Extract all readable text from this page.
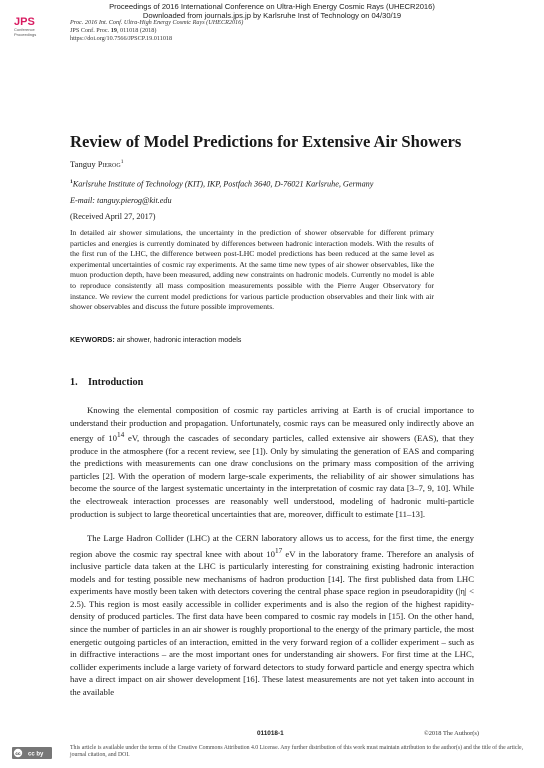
Proceedings of 2016 International Conference on Ultra-High Energy Cosmic Rays (UHECR2016)
Downloaded from journals.jps.jp by Karlsruhe Inst of Technology on 04/30/19
JPS
Conference
Proceedings
Proc. 2016 Int. Conf. Ultra-High Energy Cosmic Rays (UHECR2016)
JPS Conf. Proc. 19, 011018 (2018)
https://doi.org/10.7566/JPSCP.19.011018
Review of Model Predictions for Extensive Air Showers
Tanguy Pierog$^1$
$^1$Karlsruhe Institute of Technology (KIT), IKP, Postfach 3640, D-76021 Karlsruhe, Germany
E-mail: tanguy.pierog@kit.edu
(Received April 27, 2017)

In detailed air shower simulations, the uncertainty in the prediction of shower observable for different primary particles and energies is currently dominated by differences between hadronic interaction models. With the results of the first run of the LHC, the difference between post-LHC model predictions has been reduced at the same level as experimental uncertainties of cosmic ray experiments. At the same time new types of air shower observables, like the muon production depth, have been measured, adding new constraints on hadronic models. Currently no model is able to reproduce consistently all mass composition measurements possible with the Pierre Auger Observatory for instance. We review the current model predictions for various particle production observables and their link with air shower observables and discuss the future possible improvements.

KEYWORDS: air shower, hadronic interaction models
1. Introduction

Knowing the elemental composition of cosmic ray particles arriving at Earth is of crucial importance to understand their production and propagation. Unfortunately, cosmic rays can be measured only indirectly above an energy of $10^{14}$ eV, through the cascades of secondary particles, called extensive air showers (EAS), that they produce in the atmosphere (for a recent review, see [1]). Only by simulating the generation of EAS and comparing the predictions with measurements can one draw conclusions on the primary mass composition of the arriving particles [2]. With the operation of modern large-scale experiments, the reliability of air shower simulations has become the source of the largest systematic uncertainty in the interpretation of cosmic ray data [3–7, 9, 10]. While the electroweak interaction processes are reasonably well understood, modeling of hadronic multi-particle production is subject to large theoretical uncertainties that are, moreover, difficult to estimate [11–13].

The Large Hadron Collider (LHC) at the CERN laboratory allows us to access, for the first time, the energy region above the cosmic ray spectral knee with about $10^{17}$ eV in the laboratory frame. Therefore an analysis of inclusive particle data taken at the LHC is particularly interesting for constraining existing hadronic interaction models and for testing possible new mechanisms of hadron production [14]. The first published data from LHC experiments have mostly been taken with detectors covering the central phase space region in pseudorapidity (|η| < 2.5). This region is most easily accessible in collider experiments and is also the region of the highest rapidity-density of produced particles. The first data have been compared to cosmic ray models in [15]. On the other hand, since the number of particles in an air shower is roughly proportional to the energy of the primary particle, the most energetic outgoing particles of an interaction, emitted in the very forward region of a collider experiment – such as in diffractive interactions – are the most important ones for understanding air showers. For first time at the LHC, collider experiments include a large variety of forward detectors to study forward particle and energy spectra which have a direct impact on air shower development [16]. These latest measurements are not yet taken into account in the available

011018-1	©2018 The Author(s)
cc cc by

This article is available under the terms of the Creative Commons Attribution 4.0 License. Any further distribution of this work must maintain attribution to the author(s) and the title of the article, journal citation, and DOI.
